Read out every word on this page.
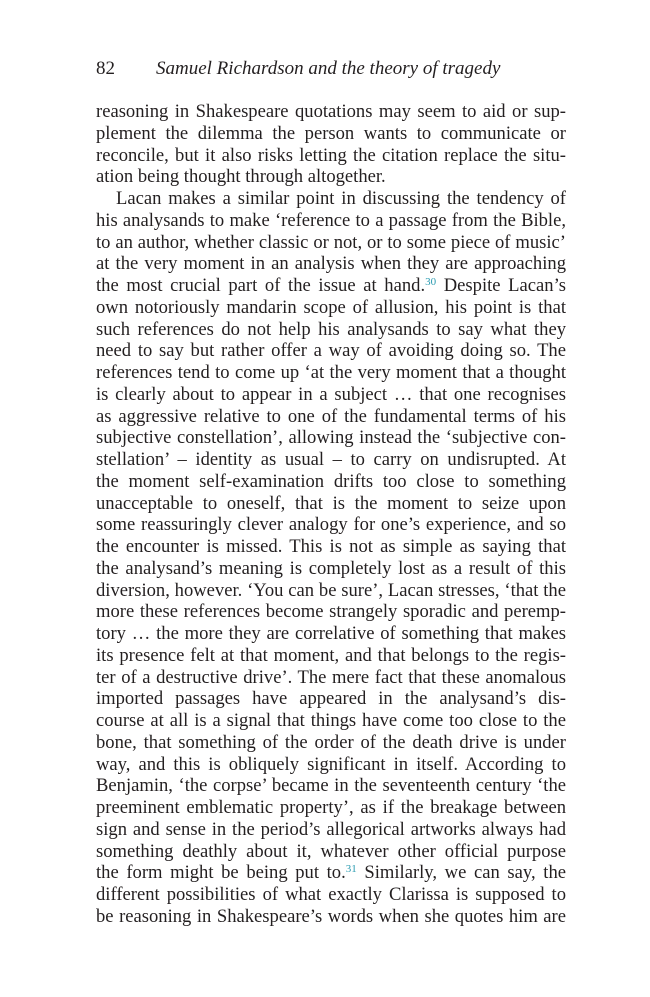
82 Samuel Richardson and the theory of tragedy
reasoning in Shakespeare quotations may seem to aid or sup-
plement the dilemma the person wants to communicate or
reconcile, but it also risks letting the citation replace the situ-
ation being thought through altogether.
Lacan makes a similar point in discussing the tendency of
his analysands to make ‘reference to a passage from the Bible,
to an author, whether classic or not, or to some piece of music’
at the very moment in an analysis when they are approaching
the most crucial part of the issue at hand.$^{30}$ Despite Lacan’s
own notoriously mandarin scope of allusion, his point is that
such references do not help his analysands to say what they
need to say but rather offer a way of avoiding doing so. The
references tend to come up ‘at the very moment that a thought
is clearly about to appear in a subject … that one recognises
as aggressive relative to one of the fundamental terms of his
subjective constellation’, allowing instead the ‘subjective con-
stellation’ – identity as usual – to carry on undisrupted. At
the moment self-examination drifts too close to something
unacceptable to oneself, that is the moment to seize upon
some reassuringly clever analogy for one’s experience, and so
the encounter is missed. This is not as simple as saying that
the analysand’s meaning is completely lost as a result of this
diversion, however. ‘You can be sure’, Lacan stresses, ‘that the
more these references become strangely sporadic and peremp-
tory … the more they are correlative of something that makes
its presence felt at that moment, and that belongs to the regis-
ter of a destructive drive’. The mere fact that these anomalous
imported passages have appeared in the analysand’s dis-
course at all is a signal that things have come too close to the
bone, that something of the order of the death drive is under
way, and this is obliquely significant in itself. According to
Benjamin, ‘the corpse’ became in the seventeenth century ‘the
preeminent emblematic property’, as if the breakage between
sign and sense in the period’s allegorical artworks always had
something deathly about it, whatever other official purpose
the form might be being put to.$^{31}$ Similarly, we can say, the
different possibilities of what exactly Clarissa is supposed to
be reasoning in Shakespeare’s words when she quotes him are
